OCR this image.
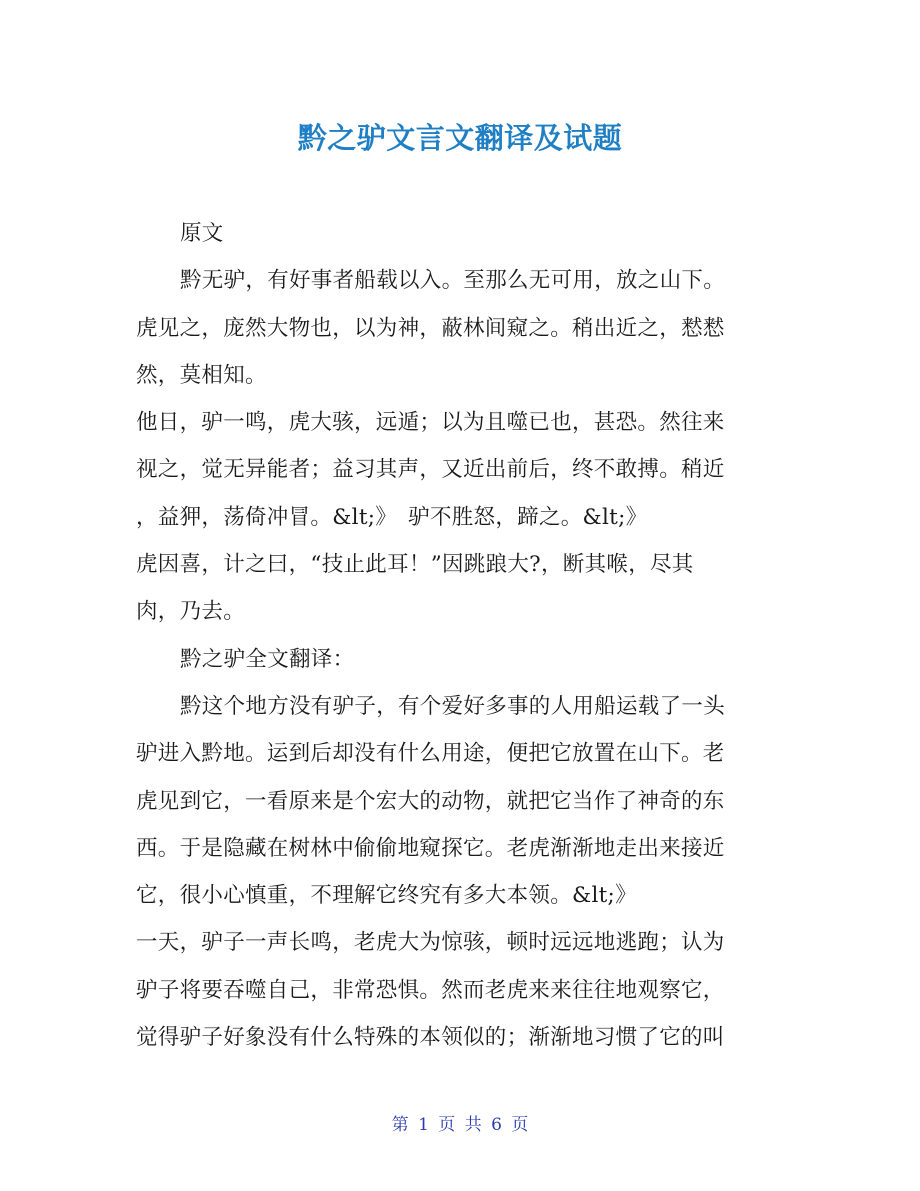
黔之驴文言文翻译及试题

原文

黔无驴，有好事者船载以入。至那么无可用，放之山下。

虎见之，庞然大物也，以为神，蔽林间窥之。稍出近之，慭慭

然，莫相知。

他日，驴一鸣，虎大骇，远遁；以为且噬已也，甚恐。然往来

视之，觉无异能者；益习其声，又近出前后，终不敢搏。稍近

，益狎，荡倚冲冒。&lt;》　驴不胜怒，蹄之。&lt;》

虎因喜，计之曰，“技止此耳！”因跳踉大?，断其喉，尽其

肉，乃去。

黔之驴全文翻译：

黔这个地方没有驴子，有个爱好多事的人用船运载了一头

驴进入黔地。运到后却没有什么用途，便把它放置在山下。老

虎见到它，一看原来是个宏大的动物，就把它当作了神奇的东

西。于是隐藏在树林中偷偷地窥探它。老虎渐渐地走出来接近

它，很小心慎重，不理解它终究有多大本领。&lt;》

一天，驴子一声长鸣，老虎大为惊骇，顿时远远地逃跑；认为

驴子将要吞噬自己，非常恐惧。然而老虎来来往往地观察它，

觉得驴子好象没有什么特殊的本领似的；渐渐地习惯了它的叫

第 1 页 共 6 页
